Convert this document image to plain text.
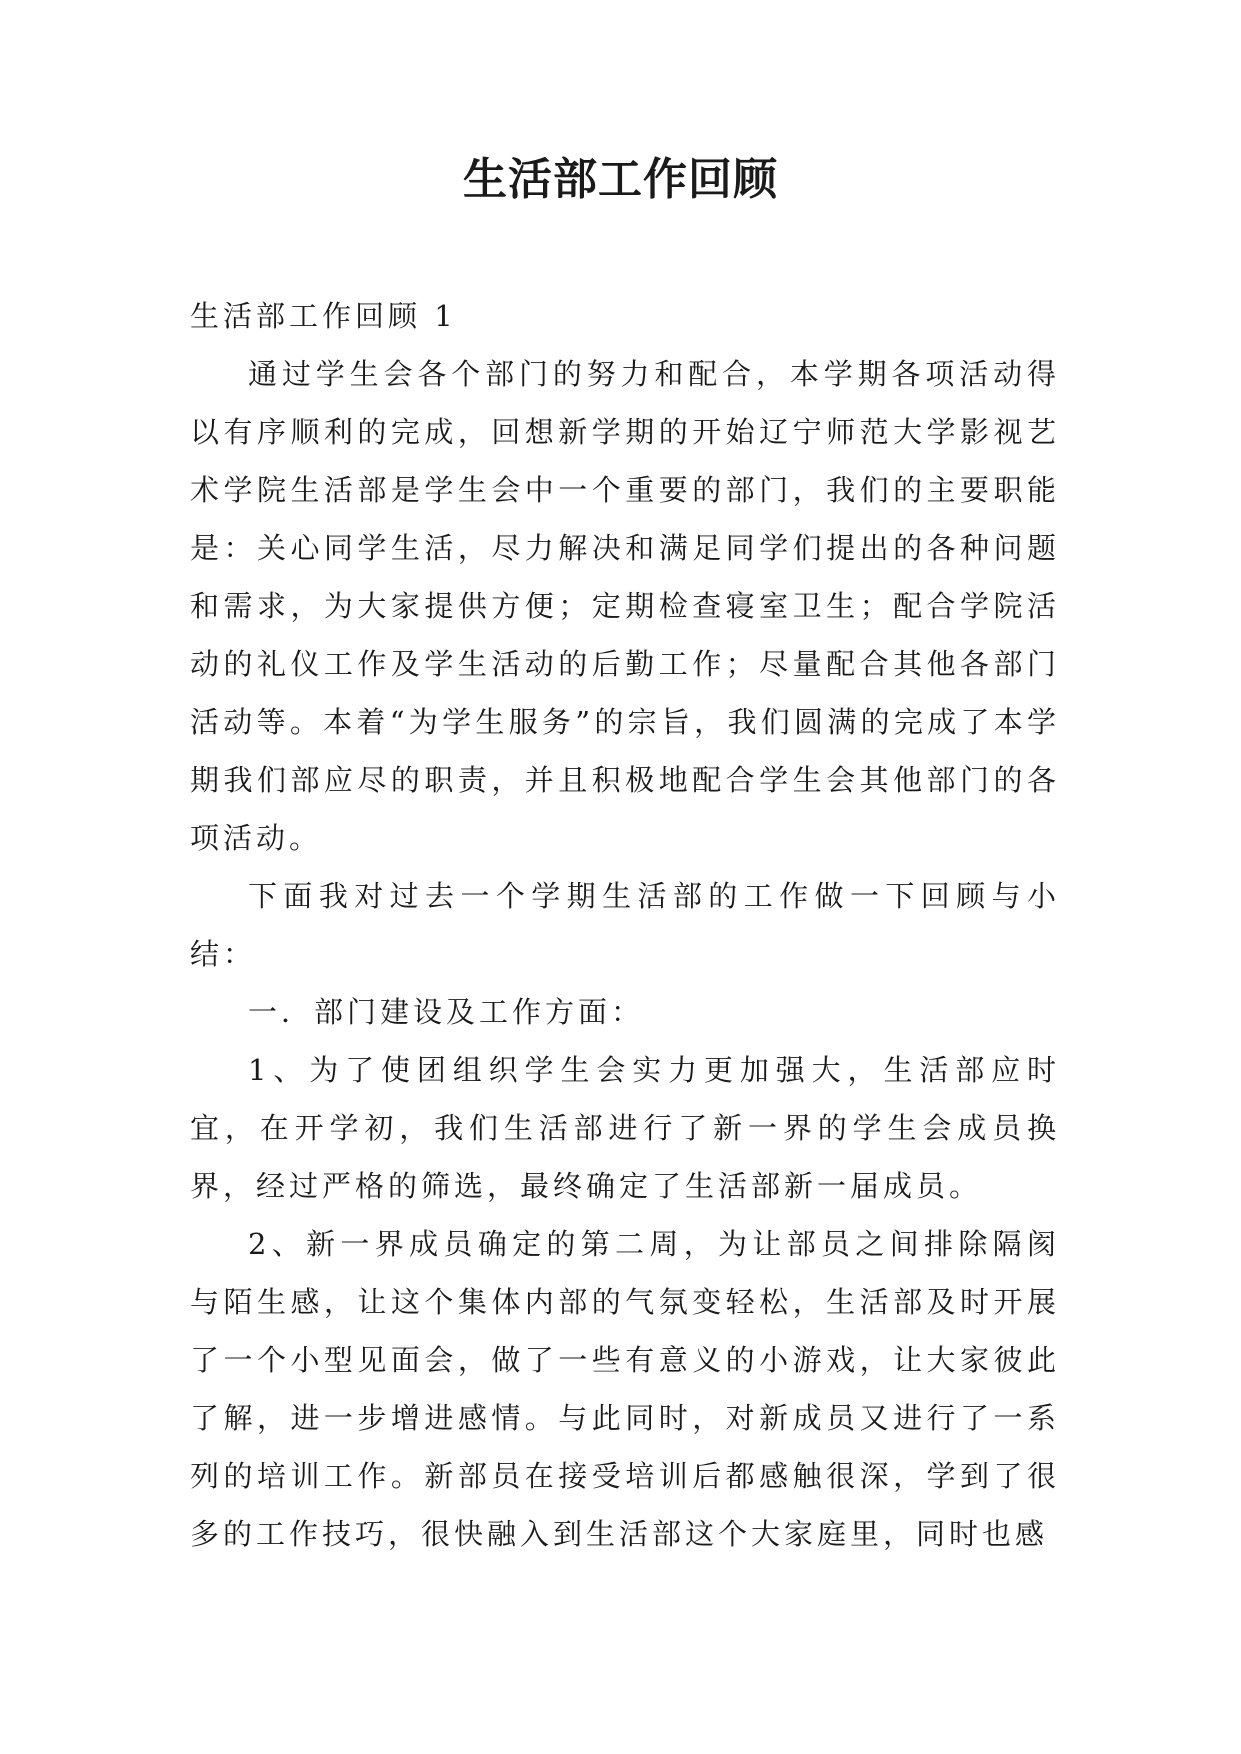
生活部工作回顾

生活部工作回顾 1

通过学生会各个部门的努力和配合，本学期各项活动得以有序顺利的完成，回想新学期的开始辽宁师范大学影视艺术学院生活部是学生会中一个重要的部门，我们的主要职能是：关心同学生活，尽力解决和满足同学们提出的各种问题和需求，为大家提供方便；定期检查寝室卫生；配合学院活动的礼仪工作及学生活动的后勤工作；尽量配合其他各部门活动等。本着“为学生服务”的宗旨，我们圆满的完成了本学期我们部应尽的职责，并且积极地配合学生会其他部门的各项活动。

下面我对过去一个学期生活部的工作做一下回顾与小结：

一．部门建设及工作方面：

1、为了使团组织学生会实力更加强大，生活部应时宜，在开学初，我们生活部进行了新一界的学生会成员换界，经过严格的筛选，最终确定了生活部新一届成员。

2、新一界成员确定的第二周，为让部员之间排除隔阂与陌生感，让这个集体内部的气氛变轻松，生活部及时开展了一个小型见面会，做了一些有意义的小游戏，让大家彼此了解，进一步增进感情。与此同时，对新成员又进行了一系列的培训工作。新部员在接受培训后都感触很深，学到了很多的工作技巧，很快融入到生活部这个大家庭里，同时也感
